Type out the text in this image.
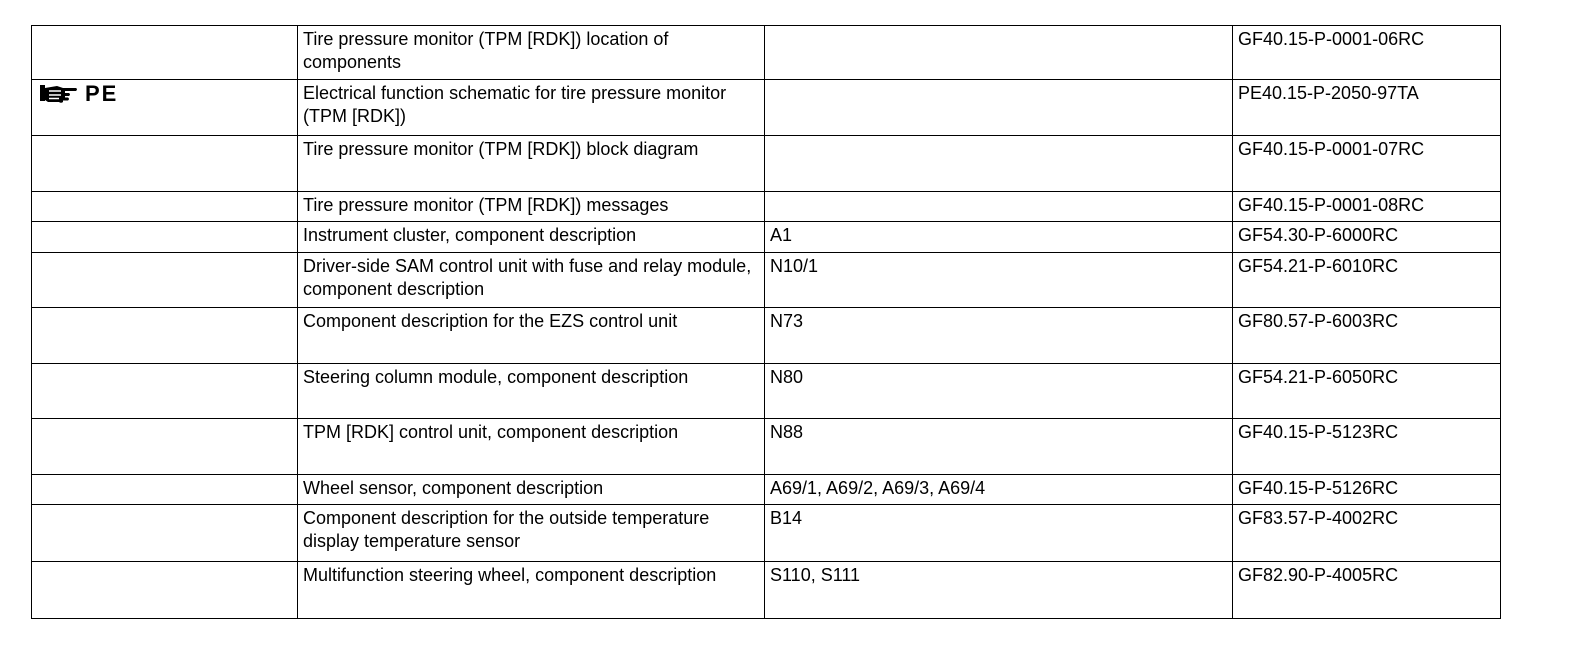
	Tire pressure monitor (TPM [RDK]) location of components		GF40.15-P-0001-06RC

PE	Electrical function schematic for tire pressure monitor (TPM [RDK])		PE40.15-P-2050-97TA
	Tire pressure monitor (TPM [RDK]) block diagram		GF40.15-P-0001-07RC
	Tire pressure monitor (TPM [RDK]) messages		GF40.15-P-0001-08RC
	Instrument cluster, component description	A1	GF54.30-P-6000RC
	Driver-side SAM control unit with fuse and relay module, component description	N10/1	GF54.21-P-6010RC
	Component description for the EZS control unit	N73	GF80.57-P-6003RC
	Steering column module, component description	N80	GF54.21-P-6050RC
	TPM [RDK] control unit, component description	N88	GF40.15-P-5123RC
	Wheel sensor, component description	A69/1, A69/2, A69/3, A69/4	GF40.15-P-5126RC
	Component description for the outside temperature display temperature sensor	B14	GF83.57-P-4002RC
	Multifunction steering wheel, component description	S110, S111	GF82.90-P-4005RC
